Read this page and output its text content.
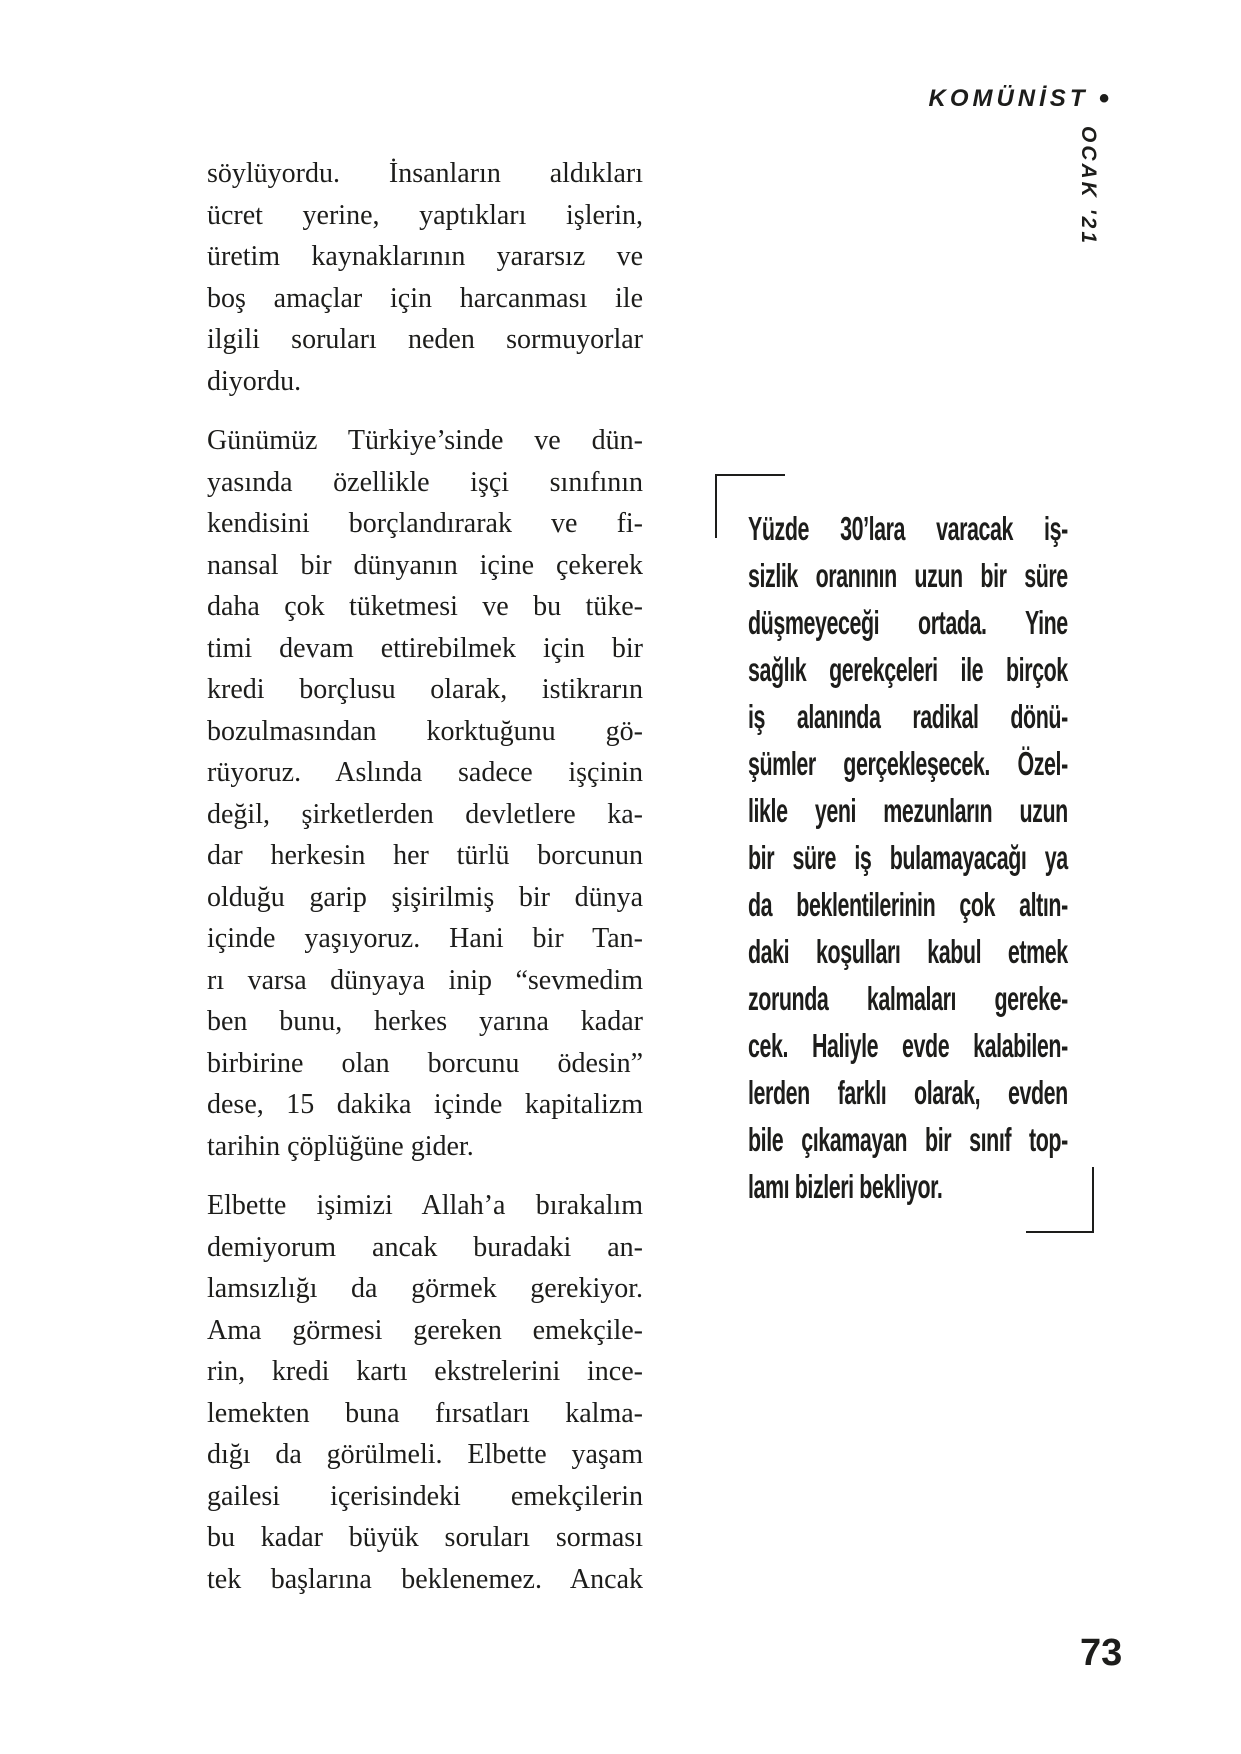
KOMÜNİST •
OCAK '21
söylüyordu. İnsanların aldıkları
ücret yerine, yaptıkları işlerin,
üretim kaynaklarının yararsız ve
boş amaçlar için harcanması ile
ilgili soruları neden sormuyorlar
diyordu.
Günümüz Türkiye’sinde ve dün-
yasında özellikle işçi sınıfının
kendisini borçlandırarak ve fi-
nansal bir dünyanın içine çekerek
daha çok tüketmesi ve bu tüke-
timi devam ettirebilmek için bir
kredi borçlusu olarak, istikrarın
bozulmasından korktuğunu gö-
rüyoruz. Aslında sadece işçinin
değil, şirketlerden devletlere ka-
dar herkesin her türlü borcunun
olduğu garip şişirilmiş bir dünya
içinde yaşıyoruz. Hani bir Tan-
rı varsa dünyaya inip “sevmedim
ben bunu, herkes yarına kadar
birbirine olan borcunu ödesin”
dese, 15 dakika içinde kapitalizm
tarihin çöplüğüne gider.
Elbette işimizi Allah’a bırakalım
demiyorum ancak buradaki an-
lamsızlığı da görmek gerekiyor.
Ama görmesi gereken emekçile-
rin, kredi kartı ekstrelerini ince-
lemekten buna fırsatları kalma-
dığı da görülmeli. Elbette yaşam
gailesi içerisindeki emekçilerin
bu kadar büyük soruları sorması
tek başlarına beklenemez. Ancak
Yüzde 30’lara varacak iş-
sizlik oranının uzun bir süre
düşmeyeceği ortada. Yine
sağlık gerekçeleri ile birçok
iş alanında radikal dönü-
şümler gerçekleşecek. Özel-
likle yeni mezunların uzun
bir süre iş bulamayacağı ya
da beklentilerinin çok altın-
daki koşulları kabul etmek
zorunda kalmaları gereke-
cek. Haliyle evde kalabilen-
lerden farklı olarak, evden
bile çıkamayan bir sınıf top-
lamı bizleri bekliyor.
73
